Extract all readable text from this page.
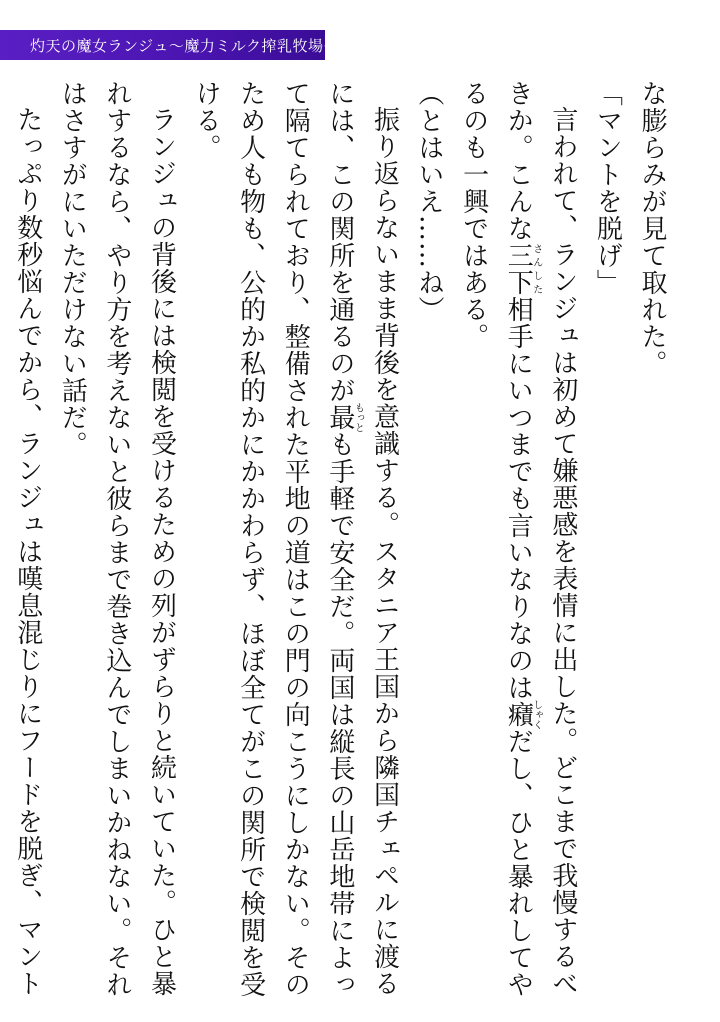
灼天の魔女ランジュ〜魔力ミルク搾乳牧場〜

な膨らみが見て取れた。

「マントを脱げ」

言われて、ランジュは初めて嫌悪感を表情に出した。どこまで我慢するべきか。こんな三下さんした相手にいつまでも言いなりなのは癪しゃくだし、ひと暴れしてやるのも一興ではある。

（とはいえ……ね）

振り返らないまま背後を意識する。スタニア王国から隣国チェペルに渡るには、この関所を通るのが最もっとも手軽で安全だ。両国は縦長の山岳地帯によって隔てられており、整備された平地の道はこの門の向こうにしかない。そのため人も物も、公的か私的かにかかわらず、ほぼ全てがこの関所で検閲を受ける。

ランジュの背後には検閲を受けるための列がずらりと続いていた。ひと暴れするなら、やり方を考えないと彼らまで巻き込んでしまいかねない。それはさすがにいただけない話だ。

たっぷり数秒悩んでから、ランジュは嘆息混じりにフードを脱ぎ、マント
